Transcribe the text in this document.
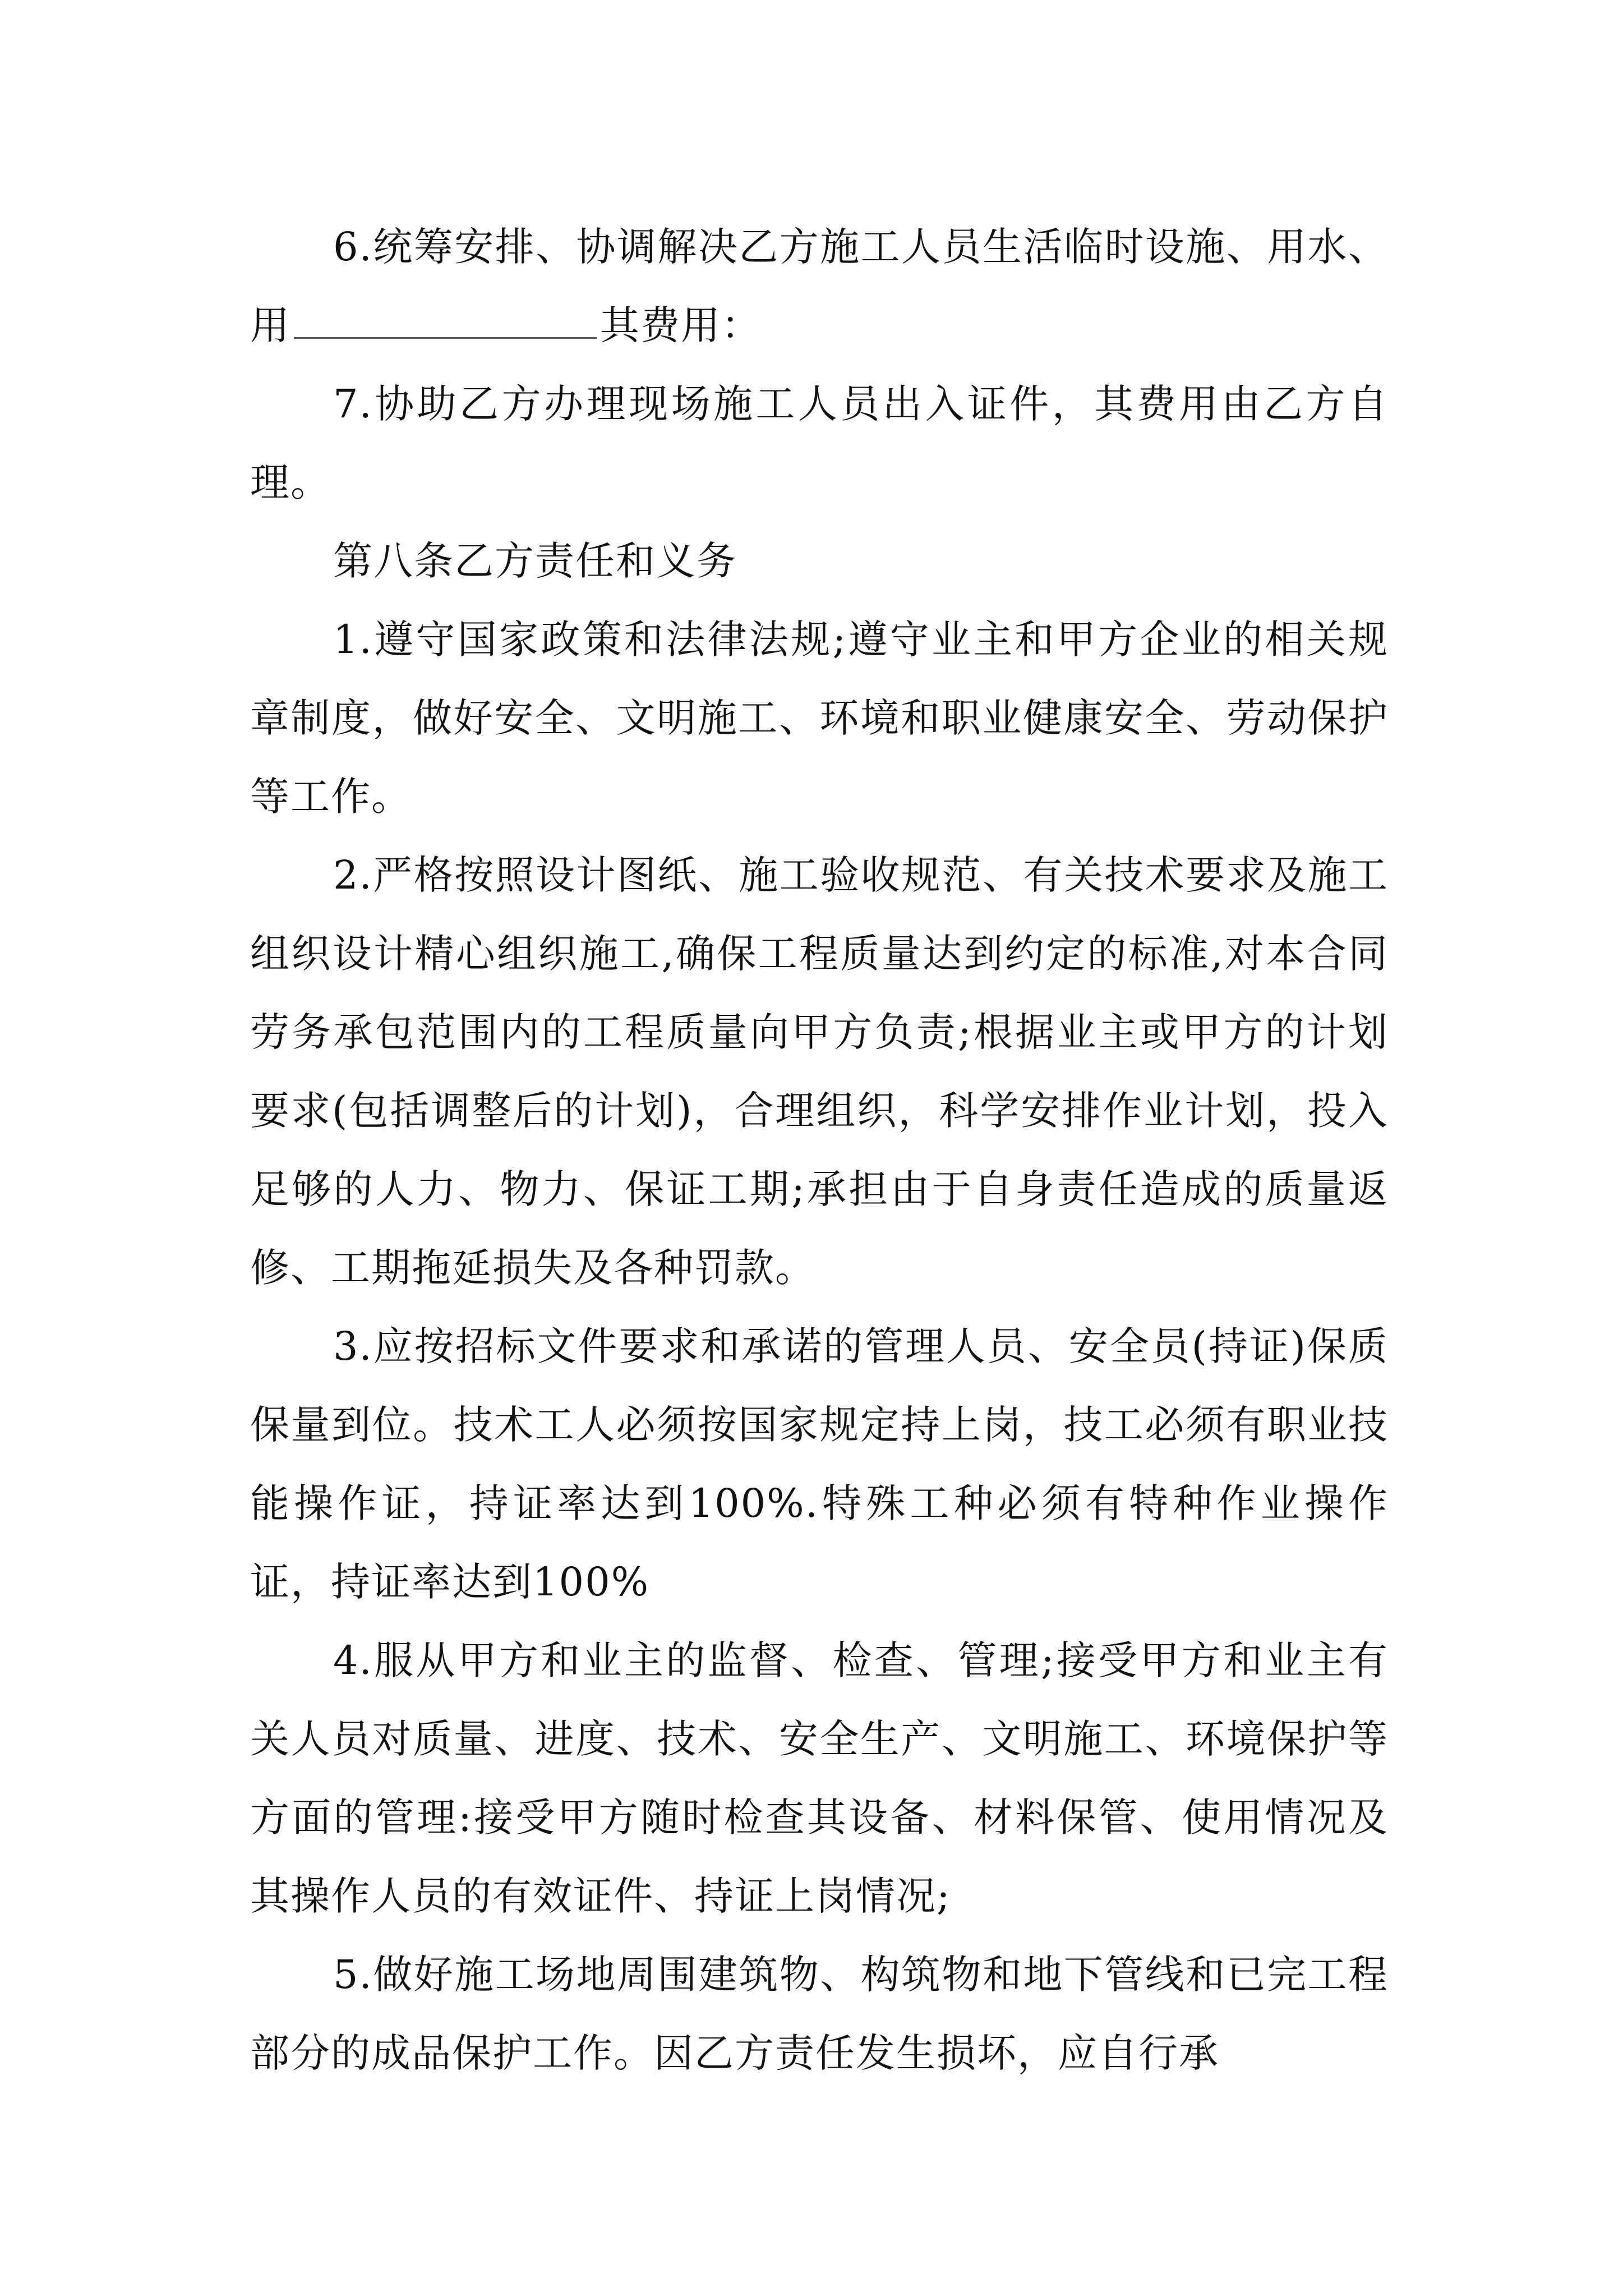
6.统筹安排、协调解决乙方施工人员生活临时设施、用水、用	其费用：

7.协助乙方办理现场施工人员出入证件，其费用由乙方自理。

第八条乙方责任和义务

1.遵守国家政策和法律法规;遵守业主和甲方企业的相关规章制度，做好安全、文明施工、环境和职业健康安全、劳动保护等工作。

2.严格按照设计图纸、施工验收规范、有关技术要求及施工组织设计精心组织施工,确保工程质量达到约定的标准,对本合同劳务承包范围内的工程质量向甲方负责;根据业主或甲方的计划要求(包括调整后的计划)，合理组织，科学安排作业计划，投入足够的人力、物力、保证工期;承担由于自身责任造成的质量返修、工期拖延损失及各种罚款。

3.应按招标文件要求和承诺的管理人员、安全员(持证)保质保量到位。技术工人必须按国家规定持上岗，技工必须有职业技能操作证，持证率达到100%.特殊工种必须有特种作业操作证，持证率达到100%

4.服从甲方和业主的监督、检查、管理;接受甲方和业主有关人员对质量、进度、技术、安全生产、文明施工、环境保护等方面的管理:接受甲方随时检查其设备、材料保管、使用情况及其操作人员的有效证件、持证上岗情况;

5.做好施工场地周围建筑物、构筑物和地下管线和已完工程部分的成品保护工作。因乙方责任发生损坏，应自行承
